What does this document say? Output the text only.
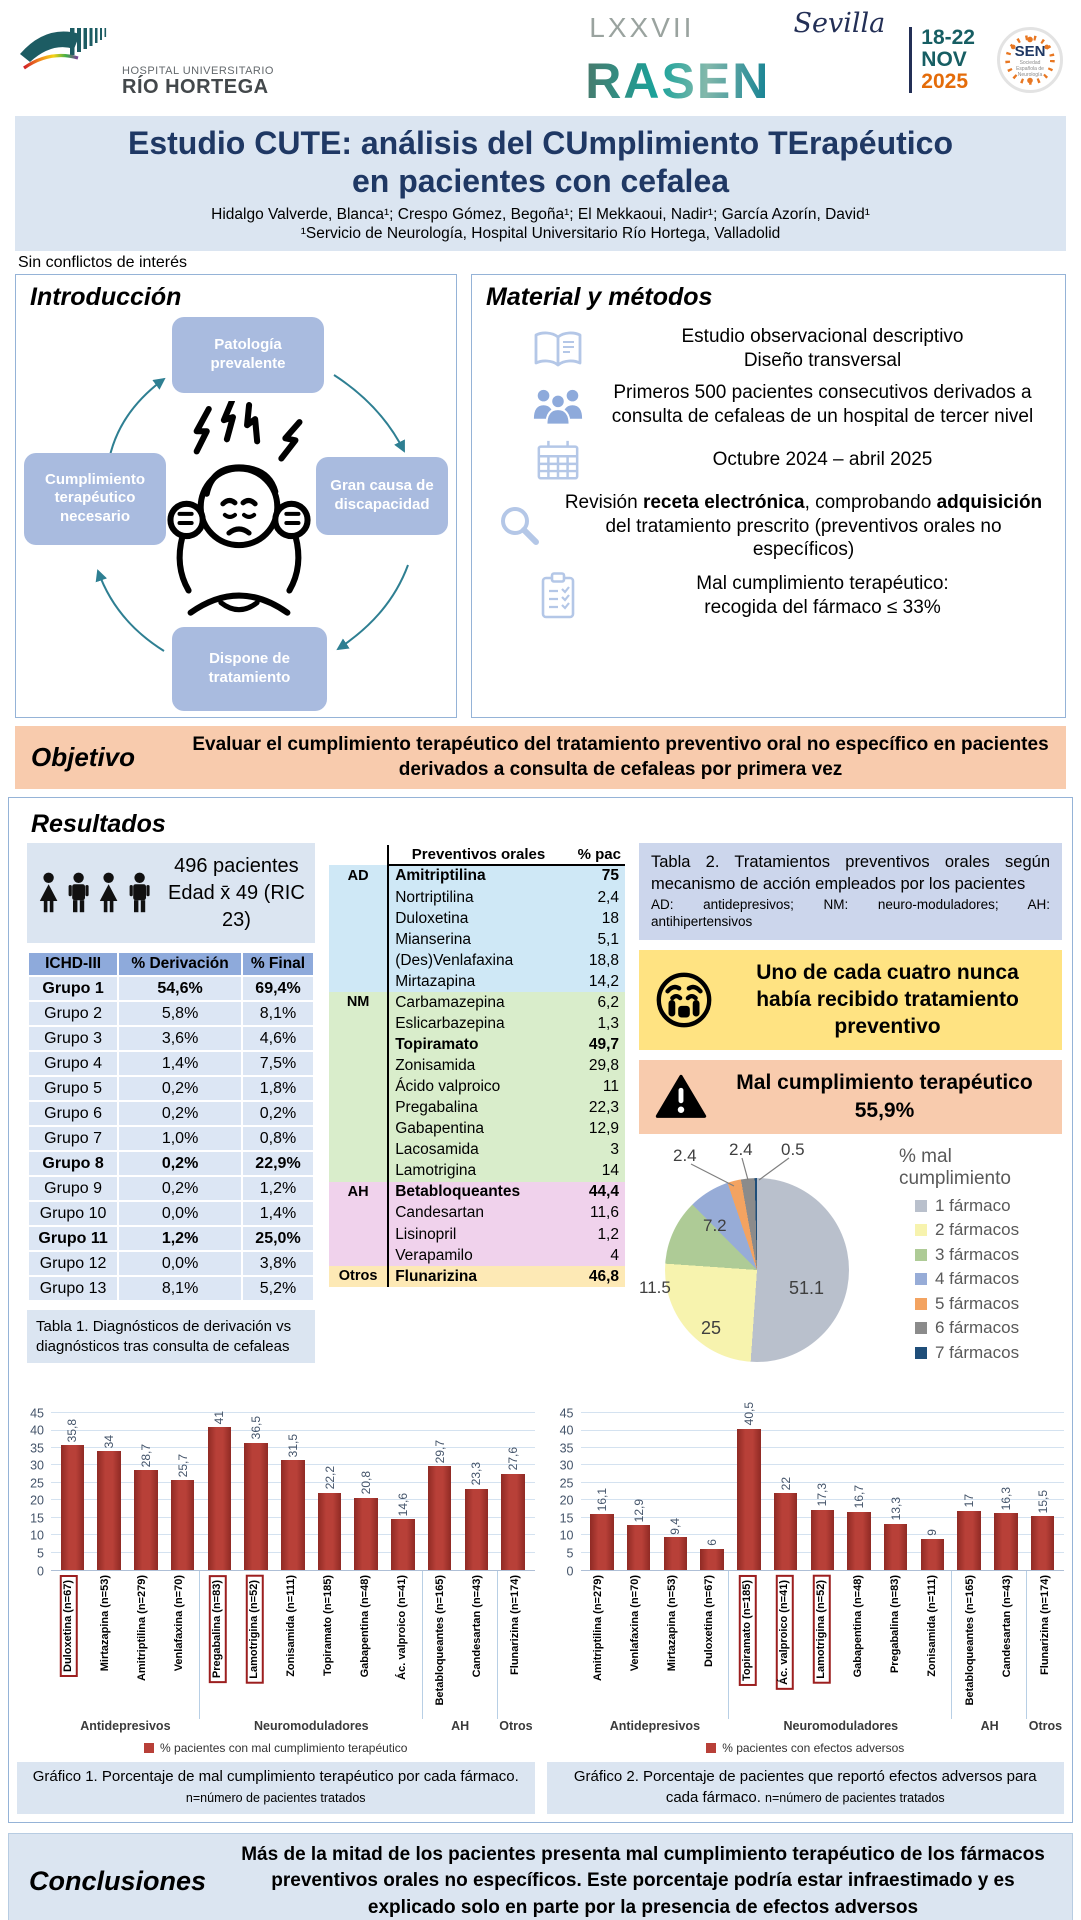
HOSPITAL UNIVERSITARIO
RÍO HORTEGA
LXXVII	Sevilla
RASEN
18-22
NOV
2025
SEN
Sociedad Española de Neurología
Estudio CUTE: análisis del CUmplimiento TErapéutico
en pacientes con cefalea
Hidalgo Valverde, Blanca¹; Crespo Gómez, Begoña¹; El Mekkaoui, Nadir¹; García Azorín, David¹
¹Servicio de Neurología, Hospital Universitario Río Hortega, Valladolid
Sin conflictos de interés
Introducción
Patología prevalente
Gran causa de discapacidad
Dispone de tratamiento
Cumplimiento terapéutico necesario
Material y métodos
Estudio observacional descriptivo
Diseño transversal
Primeros 500 pacientes consecutivos derivados a consulta de cefaleas de un hospital de tercer nivel
Octubre 2024 – abril 2025
Revisión receta electrónica, comprobando adquisición del tratamiento prescrito (preventivos orales no específicos)
Mal cumplimiento terapéutico:
recogida del fármaco ≤ 33%
Objetivo	Evaluar el cumplimiento terapéutico del tratamiento preventivo oral no específico en pacientes derivados a consulta de cefaleas por primera vez

Resultados
496 pacientes
Edad x̄ 49 (RIC 23)
ICHD-III	% Derivación	% Final
Grupo 1	54,6%	69,4%
Grupo 2	5,8%	8,1%
Grupo 3	3,6%	4,6%
Grupo 4	1,4%	7,5%
Grupo 5	0,2%	1,8%
Grupo 6	0,2%	0,2%
Grupo 7	1,0%	0,8%
Grupo 8	0,2%	22,9%
Grupo 9	0,2%	1,2%
Grupo 10	0,0%	1,4%
Grupo 11	1,2%	25,0%
Grupo 12	0,0%	3,8%
Grupo 13	8,1%	5,2%
Tabla 1. Diagnósticos de derivación vs diagnósticos tras consulta de cefaleas
	Preventivos orales	% pac
AD	Amitriptilina	75
	Nortriptilina	2,4
	Duloxetina	18
	Mianserina	5,1
	(Des)Venlafaxina	18,8
	Mirtazapina	14,2
NM	Carbamazepina	6,2
	Eslicarbazepina	1,3
	Topiramato	49,7
	Zonisamida	29,8
	Ácido valproico	11
	Pregabalina	22,3
	Gabapentina	12,9
	Lacosamida	3
	Lamotrigina	14
AH	Betabloqueantes	44,4
	Candesartan	11,6
	Lisinopril	1,2
	Verapamilo	4
Otros	Flunarizina	46,8
Tabla 2. Tratamientos preventivos orales según mecanismo de acción empleados por los pacientes
AD: antidepresivos; NM: neuro-moduladores; AH: antihipertensivos
Uno de cada cuatro nunca había recibido tratamiento preventivo
Mal cumplimiento terapéutico 55,9%
51.1
25
11.5
7.2
2.4 2.4 0.5	% mal cumplimiento
1 fármaco
2 fármacos
3 fármacos
4 fármacos
5 fármacos
6 fármacos
7 fármacos
0
5
10
15
20
25
30
35
40
45
35,8 34
28,7 25,7
41 36,5
31,5
22,2 20,8
14,6
29,7
23,3
27,6
Duloxetina (n=67)	Mirtazapina (n=53) Amitriptilina (n=279) Venlafaxina (n=70) Pregabalina (n=83)	Lamotrigina (n=52)	Zonisamida (n=111) Topiramato (n=185) Gabapentina (n=48) Ác. valproico (n=41) Betabloqueantes (n=165) Candesartan (n=43) Flunarizina (n=174)
Antidepresivos	Neuromoduladores	AH	Otros
% pacientes con mal cumplimiento terapéutico
Gráfico 1. Porcentaje de mal cumplimiento terapéutico por cada fármaco. n=número de pacientes tratados
0
5
10
15
20
25
30
35
40
45
16,1 12,9
9,4
6
40,5
22 17,3 16,7
13,3
9
17 16,3 15,5
Amitriptilina (n=279) Venlafaxina (n=70) Mirtazapina (n=53) Duloxetina (n=67) Topiramato (n=185)	Ác. valproico (n=41)	Lamotrigina (n=52)	Gabapentina (n=48) Pregabalina (n=83) Zonisamida (n=111) Betabloqueantes (n=165) Candesartan (n=43) Flunarizina (n=174)
Antidepresivos	Neuromoduladores	AH	Otros
% pacientes con efectos adversos
Gráfico 2. Porcentaje de pacientes que reportó efectos adversos para cada fármaco. n=número de pacientes tratados
Conclusiones

Más de la mitad de los pacientes presenta mal cumplimiento terapéutico de los fármacos preventivos orales no específicos. Este porcentaje podría estar infraestimado y es explicado solo en parte por la presencia de efectos adversos
